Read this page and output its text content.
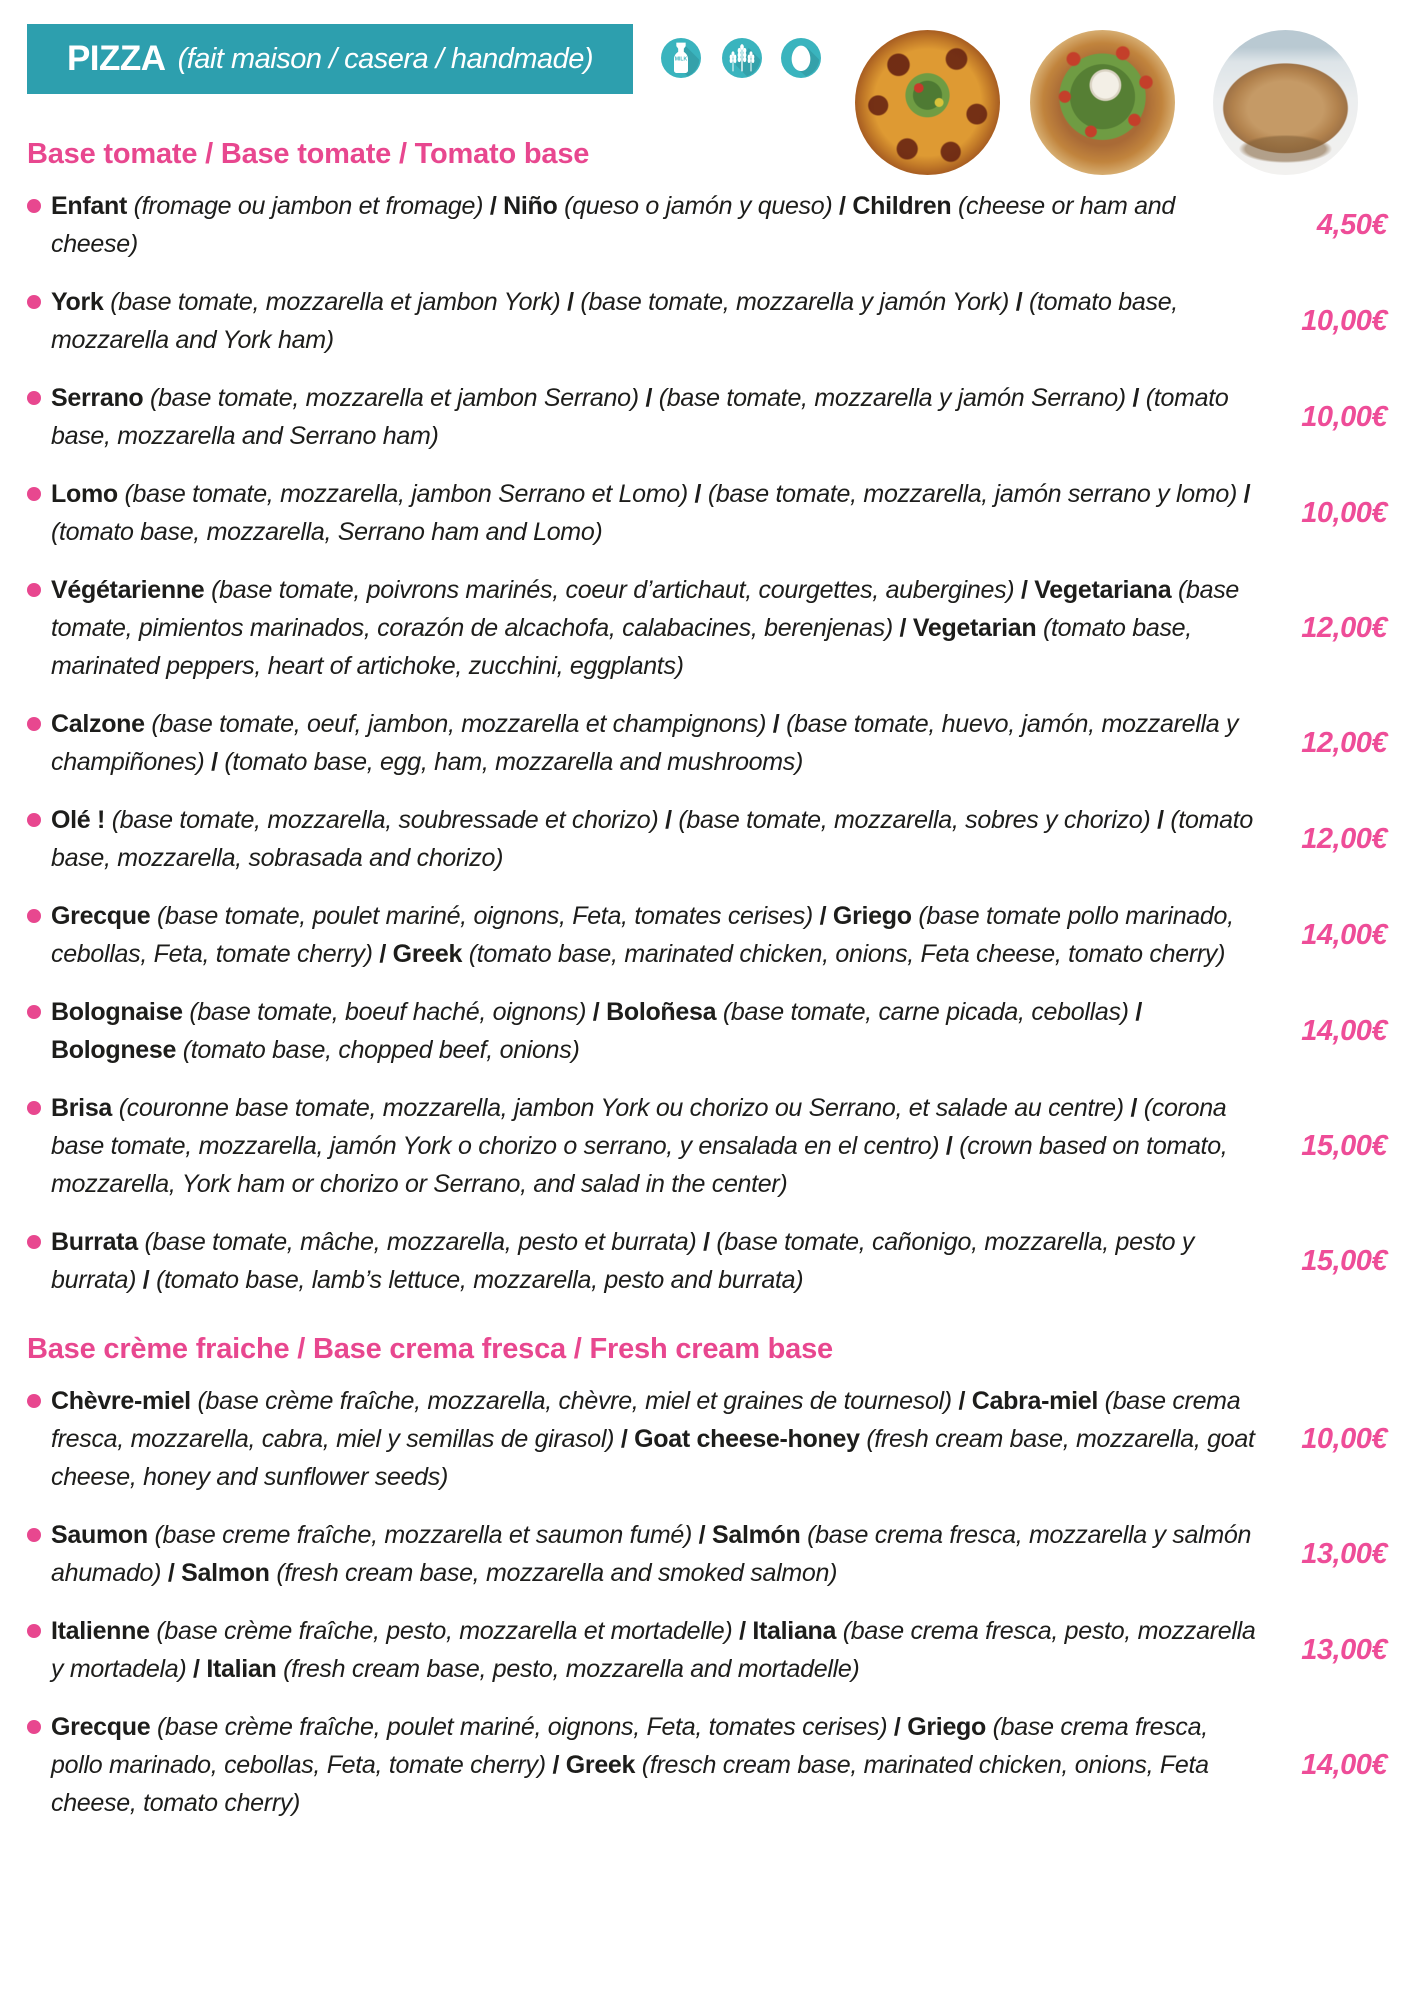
PIZZA (fait maison / casera / handmade)	MILK
Base tomate / Base tomate / Tomato base
Enfant (fromage ou jambon et fromage) / Niño (queso o jamón y queso) / Children (cheese or ham and cheese)
4,50€
York (base tomate, mozzarella et jambon York) / (base tomate, mozzarella y jamón York) / (tomato base, mozzarella and York ham)
10,00€
Serrano (base tomate, mozzarella et jambon Serrano) / (base tomate, mozzarella y jamón Serrano) / (tomato base, mozzarella and Serrano ham)
10,00€
Lomo (base tomate, mozzarella, jambon Serrano et Lomo) / (base tomate, mozzarella, jamón serrano y lomo) / (tomato base, mozzarella, Serrano ham and Lomo)
10,00€
Végétarienne (base tomate, poivrons marinés, coeur d’artichaut, courgettes, aubergines) / Vegetariana (base tomate, pimientos marinados, corazón de alcachofa, calabacines, berenjenas) / Vegetarian (tomato base, marinated peppers, heart of artichoke, zucchini, eggplants)
12,00€
Calzone (base tomate, oeuf, jambon, mozzarella et champignons) / (base tomate, huevo, jamón, mozzarella y champiñones) / (tomato base, egg, ham, mozzarella and mushrooms)
12,00€
Olé ! (base tomate, mozzarella, soubressade et chorizo) / (base tomate, mozzarella, sobres y chorizo) / (tomato base, mozzarella, sobrasada and chorizo)
12,00€
Grecque (base tomate, poulet mariné, oignons, Feta, tomates cerises) / Griego (base tomate pollo marinado, cebollas, Feta, tomate cherry) / Greek (tomato base, marinated chicken, onions, Feta cheese, tomato cherry)
14,00€
Bolognaise (base tomate, boeuf haché, oignons) / Boloñesa (base tomate, carne picada, cebollas) / Bolognese (tomato base, chopped beef, onions)
14,00€
Brisa (couronne base tomate, mozzarella, jambon York ou chorizo ou Serrano, et salade au centre) / (corona base tomate, mozzarella, jamón York o chorizo o serrano, y ensalada en el centro) / (crown based on tomato, mozzarella, York ham or chorizo or Serrano, and salad in the center)
15,00€
Burrata (base tomate, mâche, mozzarella, pesto et burrata) / (base tomate, cañonigo, mozzarella, pesto y burrata) / (tomato base, lamb’s lettuce, mozzarella, pesto and burrata)
15,00€
Base crème fraiche / Base crema fresca / Fresh cream base
Chèvre-miel (base crème fraîche, mozzarella, chèvre, miel et graines de tournesol) / Cabra-miel (base crema fresca, mozzarella, cabra, miel y semillas de girasol) / Goat cheese-honey (fresh cream base, mozzarella, goat cheese, honey and sunflower seeds)
10,00€
Saumon (base creme fraîche, mozzarella et saumon fumé) / Salmón (base crema fresca, mozzarella y salmón ahumado) / Salmon (fresh cream base, mozzarella and smoked salmon)
13,00€
Italienne (base crème fraîche, pesto, mozzarella et mortadelle) / Italiana (base crema fresca, pesto, mozzarella y mortadela) / Italian (fresh cream base, pesto, mozzarella and mortadelle)
13,00€
Grecque (base crème fraîche, poulet mariné, oignons, Feta, tomates cerises) / Griego (base crema fresca, pollo marinado, cebollas, Feta, tomate cherry) / Greek (fresch cream base, marinated chicken, onions, Feta cheese, tomato cherry)
14,00€
